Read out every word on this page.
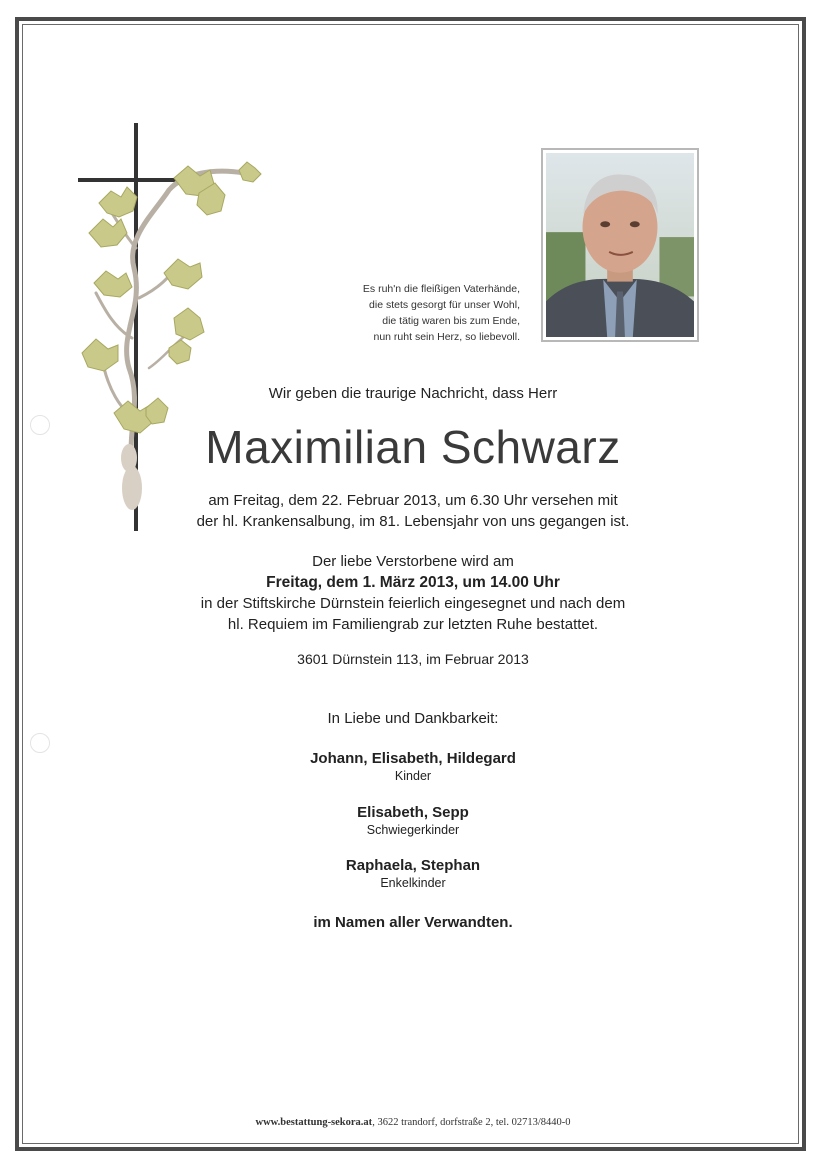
Es ruh'n die fleißigen Vaterhände,
die stets gesorgt für unser Wohl,
die tätig waren bis zum Ende,
nun ruht sein Herz, so liebevoll.
Wir geben die traurige Nachricht, dass Herr
Maximilian Schwarz
am Freitag, dem 22. Februar 2013, um 6.30 Uhr versehen mit
der hl. Krankensalbung, im 81. Lebensjahr von uns gegangen ist.
Der liebe Verstorbene wird am
Freitag, dem 1. März 2013, um 14.00 Uhr
in der Stiftskirche Dürnstein feierlich eingesegnet und nach dem
hl. Requiem im Familiengrab zur letzten Ruhe bestattet.
3601 Dürnstein 113, im Februar 2013
In Liebe und Dankbarkeit:
Johann, Elisabeth, Hildegard
Kinder
Elisabeth, Sepp
Schwiegerkinder
Raphaela, Stephan
Enkelkinder
im Namen aller Verwandten.
www.bestattung-sekora.at, 3622 trandorf, dorfstraße 2, tel. 02713/8440-0
